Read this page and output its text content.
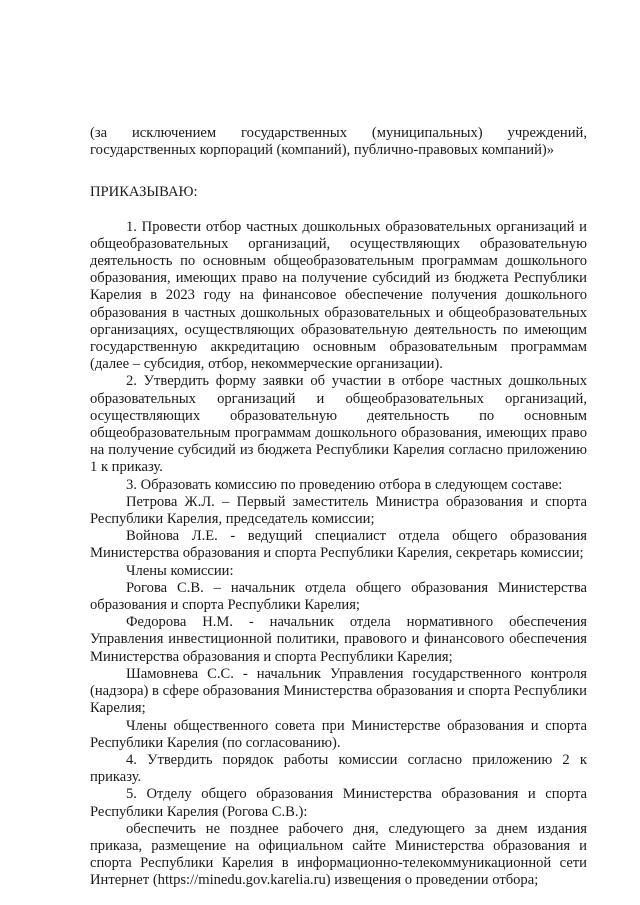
(за исключением государственных (муниципальных) учреждений, государственных корпораций (компаний), публично-правовых компаний)»

ПРИКАЗЫВАЮ:

1. Провести отбор частных дошкольных образовательных организаций и общеобразовательных организаций, осуществляющих образовательную деятельность по основным общеобразовательным программам дошкольного образования, имеющих право на получение субсидий из бюджета Республики Карелия в 2023 году на финансовое обеспечение получения дошкольного образования в частных дошкольных образовательных и общеобразовательных организациях, осуществляющих образовательную деятельность по имеющим государственную аккредитацию основным образовательным программам (далее – субсидия, отбор, некоммерческие организации).

2. Утвердить форму заявки об участии в отборе частных дошкольных образовательных организаций и общеобразовательных организаций, осуществляющих образовательную деятельность по основным общеобразовательным программам дошкольного образования, имеющих право на получение субсидий из бюджета Республики Карелия согласно приложению 1 к приказу.

3. Образовать комиссию по проведению отбора в следующем составе:

Петрова Ж.Л. – Первый заместитель Министра образования и спорта Республики Карелия, председатель комиссии;

Войнова Л.Е. - ведущий специалист отдела общего образования Министерства образования и спорта Республики Карелия, секретарь комиссии;

Члены комиссии:

Рогова С.В. – начальник отдела общего образования Министерства образования и спорта Республики Карелия;

Федорова Н.М. - начальник отдела нормативного обеспечения Управления инвестиционной политики, правового и финансового обеспечения Министерства образования и спорта Республики Карелия;

Шамовнева С.С. - начальник Управления государственного контроля (надзора) в сфере образования Министерства образования и спорта Республики Карелия;

Члены общественного совета при Министерстве образования и спорта Республики Карелия (по согласованию).

4. Утвердить порядок работы комиссии согласно приложению 2 к приказу.

5. Отделу общего образования Министерства образования и спорта Республики Карелия (Рогова С.В.):

обеспечить не позднее рабочего дня, следующего за днем издания приказа, размещение на официальном сайте Министерства образования и спорта Республики Карелия в информационно-телекоммуникационной сети Интернет (https://minedu.gov.karelia.ru) извещения о проведении отбора;
